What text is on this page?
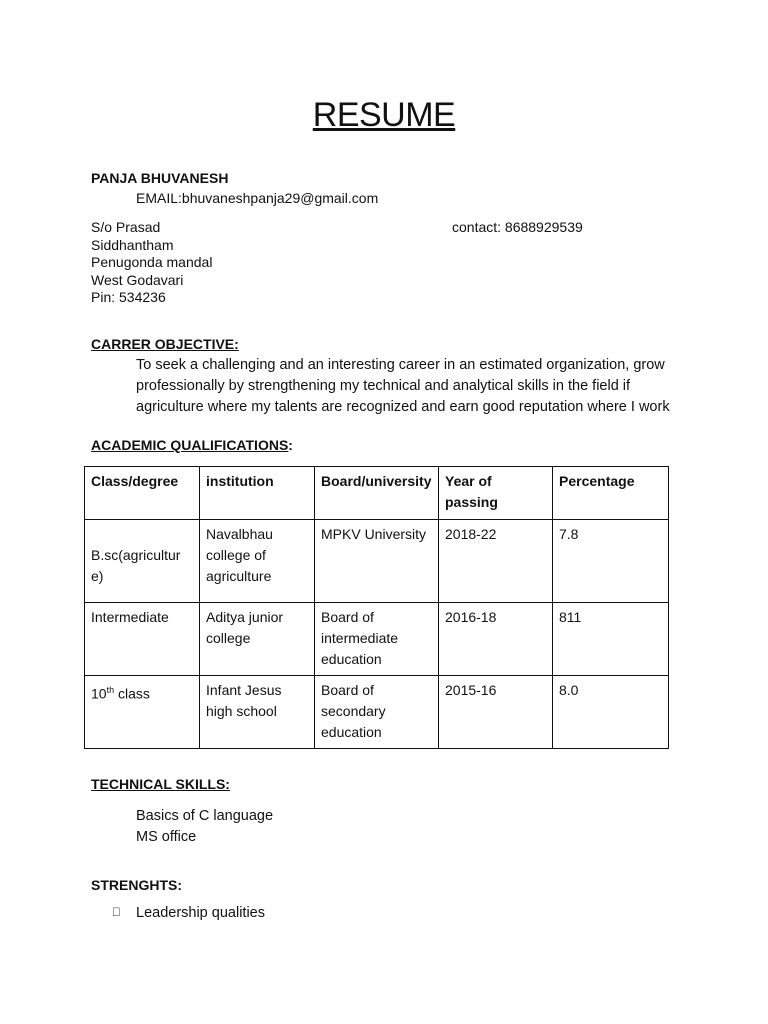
RESUME
PANJA BHUVANESH
EMAIL:bhuvaneshpanja29@gmail.com
S/o Prasad
Siddhantham
Penugonda mandal
West Godavari
Pin: 534236
contact: 8688929539
CARRER OBJECTIVE:
To seek a challenging and an interesting career in an estimated organization, grow
professionally by strengthening my technical and analytical skills in the field if
agriculture where my talents are recognized and earn good reputation where I work
ACADEMIC QUALIFICATIONS:
Class/degree	institution	Board/university	Year of passing	Percentage
B.sc(agricultur e)	Navalbhau college of agriculture	MPKV University	2018-22	7.8
Intermediate	Aditya junior college	Board of intermediate education	2016-18	811
10th class	Infant Jesus high school	Board of secondary education	2015-16	8.0
TECHNICAL SKILLS:
Basics of C language
MS office
STRENGHTS:
Leadership qualities
